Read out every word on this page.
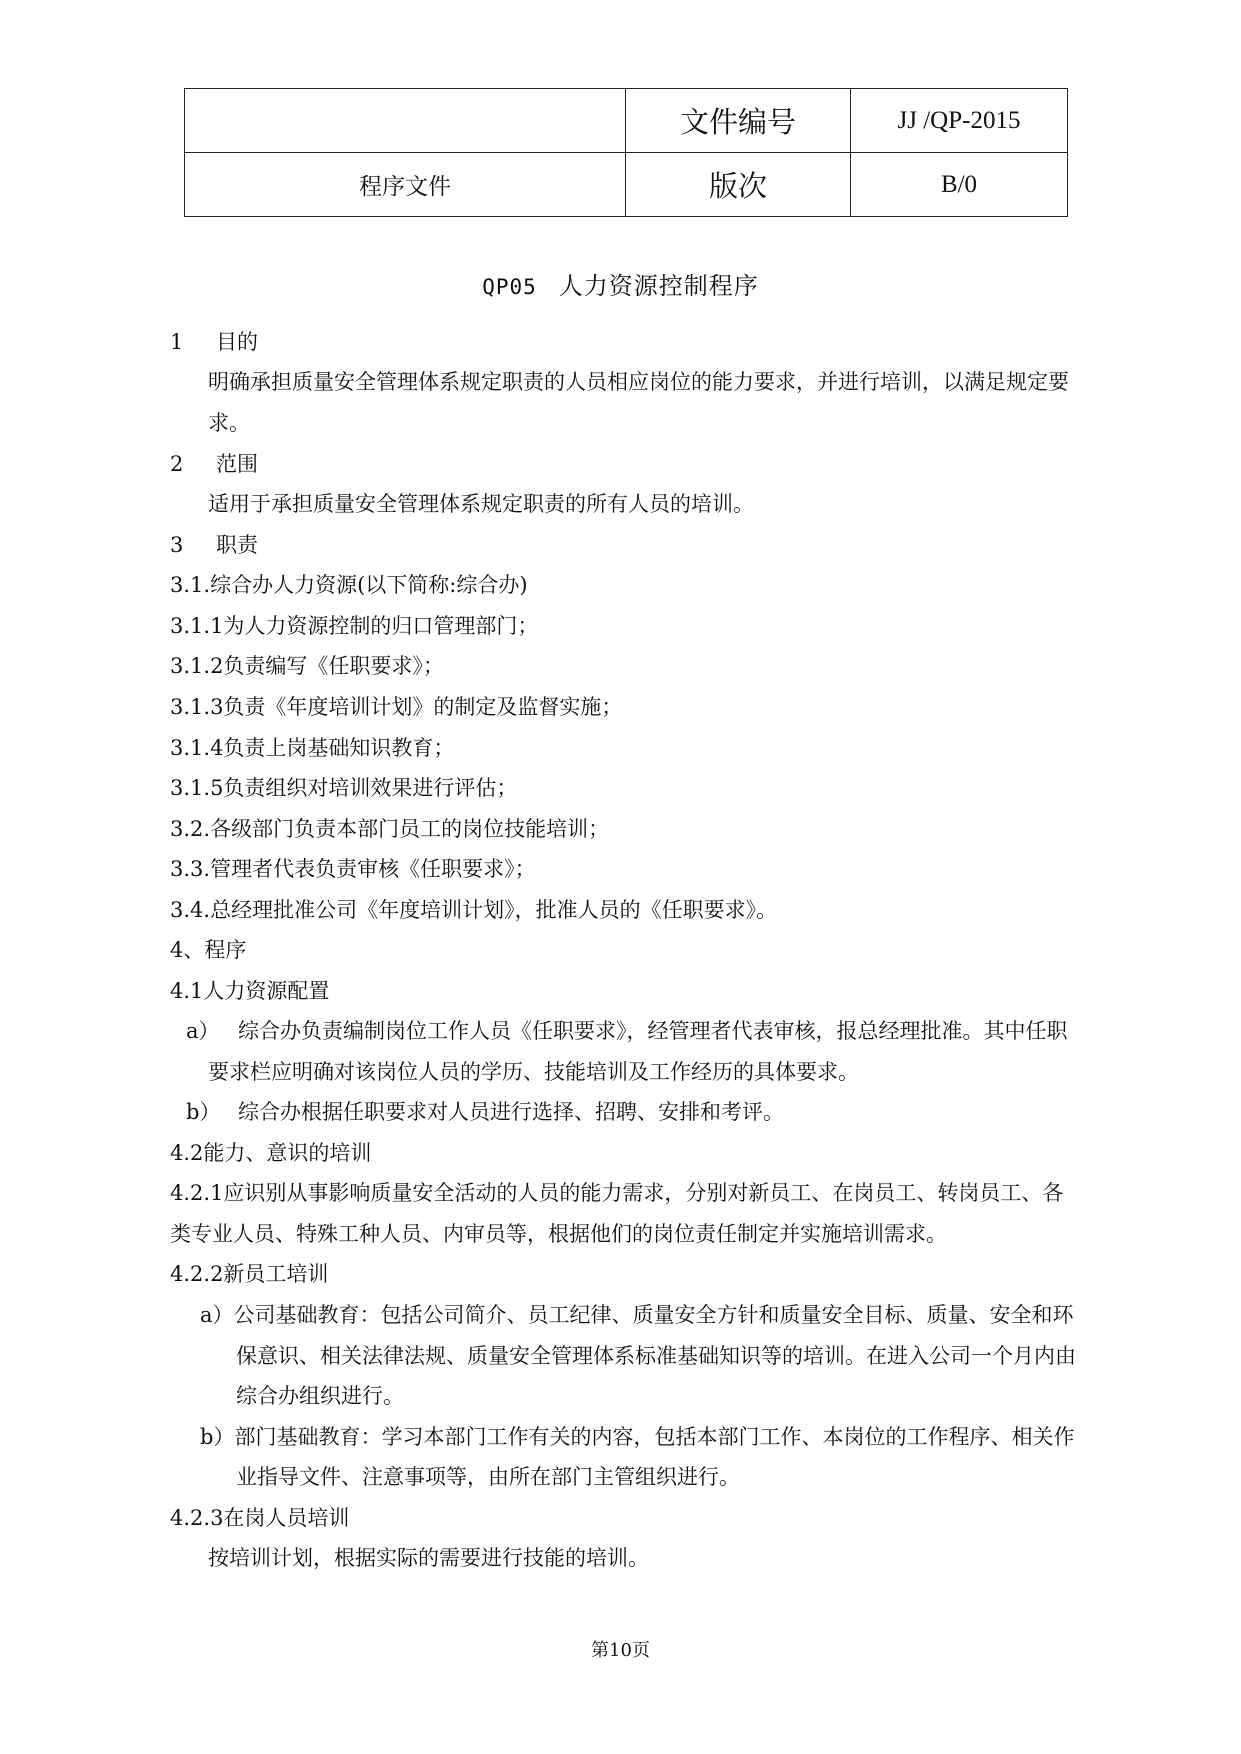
	文件编号	JJ /QP-2015
程序文件	版次	B/0
QP05 人力资源控制程序
1 目的
明确承担质量安全管理体系规定职责的人员相应岗位的能力要求，并进行培训，以满足规定要
求。
2 范围
适用于承担质量安全管理体系规定职责的所有人员的培训。
3 职责
3.1.综合办人力资源(以下简称:综合办)
3.1.1为人力资源控制的归口管理部门；
3.1.2负责编写《任职要求》；
3.1.3负责《年度培训计划》的制定及监督实施；
3.1.4负责上岗基础知识教育；
3.1.5负责组织对培训效果进行评估；
3.2.各级部门负责本部门员工的岗位技能培训；
3.3.管理者代表负责审核《任职要求》；
3.4.总经理批准公司《年度培训计划》，批准人员的《任职要求》。
4、程序
4.1人力资源配置
a） 综合办负责编制岗位工作人员《任职要求》，经管理者代表审核，报总经理批准。其中任职
要求栏应明确对该岗位人员的学历、技能培训及工作经历的具体要求。
b） 综合办根据任职要求对人员进行选择、招聘、安排和考评。
4.2能力、意识的培训
4.2.1应识别从事影响质量安全活动的人员的能力需求，分别对新员工、在岗员工、转岗员工、各
类专业人员、特殊工种人员、内审员等，根据他们的岗位责任制定并实施培训需求。
4.2.2新员工培训
a）公司基础教育：包括公司简介、员工纪律、质量安全方针和质量安全目标、质量、安全和环
保意识、相关法律法规、质量安全管理体系标准基础知识等的培训。在进入公司一个月内由
综合办组织进行。
b）部门基础教育：学习本部门工作有关的内容，包括本部门工作、本岗位的工作程序、相关作
业指导文件、注意事项等，由所在部门主管组织进行。
4.2.3在岗人员培训
按培训计划，根据实际的需要进行技能的培训。
第10页
